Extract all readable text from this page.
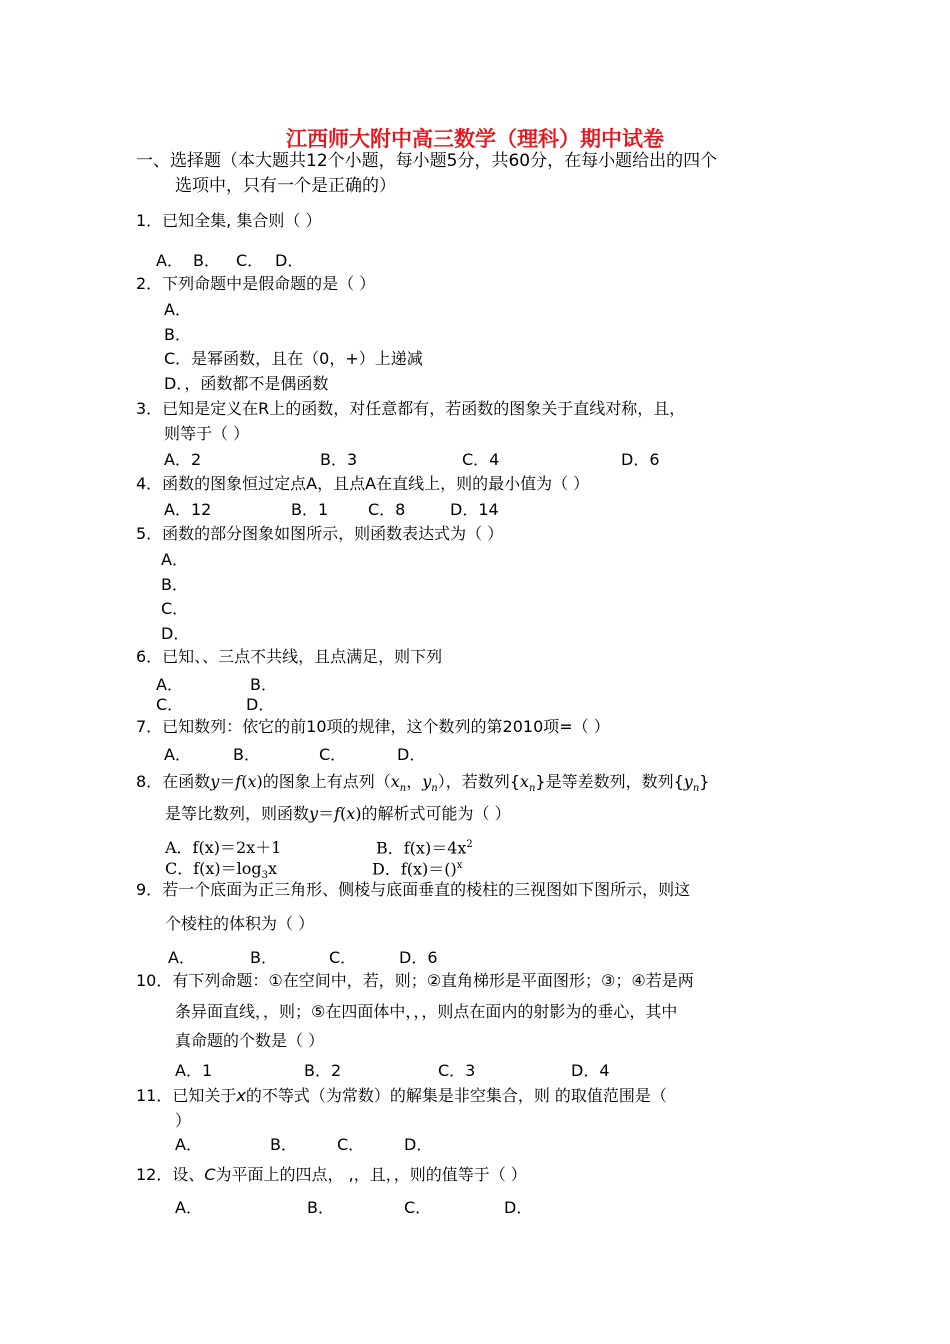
江西师大附中高三数学（理科）期中试卷
一、选择题（本大题共12个小题，每小题5分，共60分，在每小题给出的四个
选项中，只有一个是正确的）
1．已知全集, 集合则（ ）
A． B． C． D．
2．下列命题中是假命题的是（ ）
A．
B．
C．是幂函数，且在（0，+）上递减
D．，函数都不是偶函数
3．已知是定义在R上的函数，对任意都有，若函数的图象关于直线对称，且，
则等于（ ）
A．2	B．3	C．4	D．6
4．函数的图象恒过定点A，且点A在直线上，则的最小值为（ ）
A．12	B．1 C．8	D．14
5．函数的部分图象如图所示，则函数表达式为（ ）
A．
B．
C．
D．
6．已知、、三点不共线，且点满足，则下列
A．	B．
C．	D．
7．已知数列：依它的前10项的规律，这个数列的第2010项=（ ）
A．	B．	C．	D．
8．在函数y＝f(x)的图象上有点列（$x_n$，$y_n$），若数列$\{x_n\}$是等差数列，数列$\{y_n\}$
是等比数列，则函数y＝f(x)的解析式可能为（ ）
A．f(x)＝2x＋1	B．$f(x)=4x^2$
C．$f(x)=\log_3x$	D．f(x)＝()$^x$
9．若一个底面为正三角形、侧棱与底面垂直的棱柱的三视图如下图所示，则这
个棱柱的体积为（ ）
A．	B．	C．	D．6
10．有下列命题：①在空间中，若，则；②直角梯形是平面图形；③；④若是两
条异面直线，，则；⑤在四面体中，，，则点在面内的射影为的垂心，其中
真命题的个数是（ ）
A．1	B．2	C．3	D．4
11．已知关于x的不等式（为常数）的解集是非空集合，则 的取值范围是（
）
A．	B．	C． D．
12．设、C为平面上的四点， ,，且，，则的值等于（ ）
A．	B．	C．	D．
